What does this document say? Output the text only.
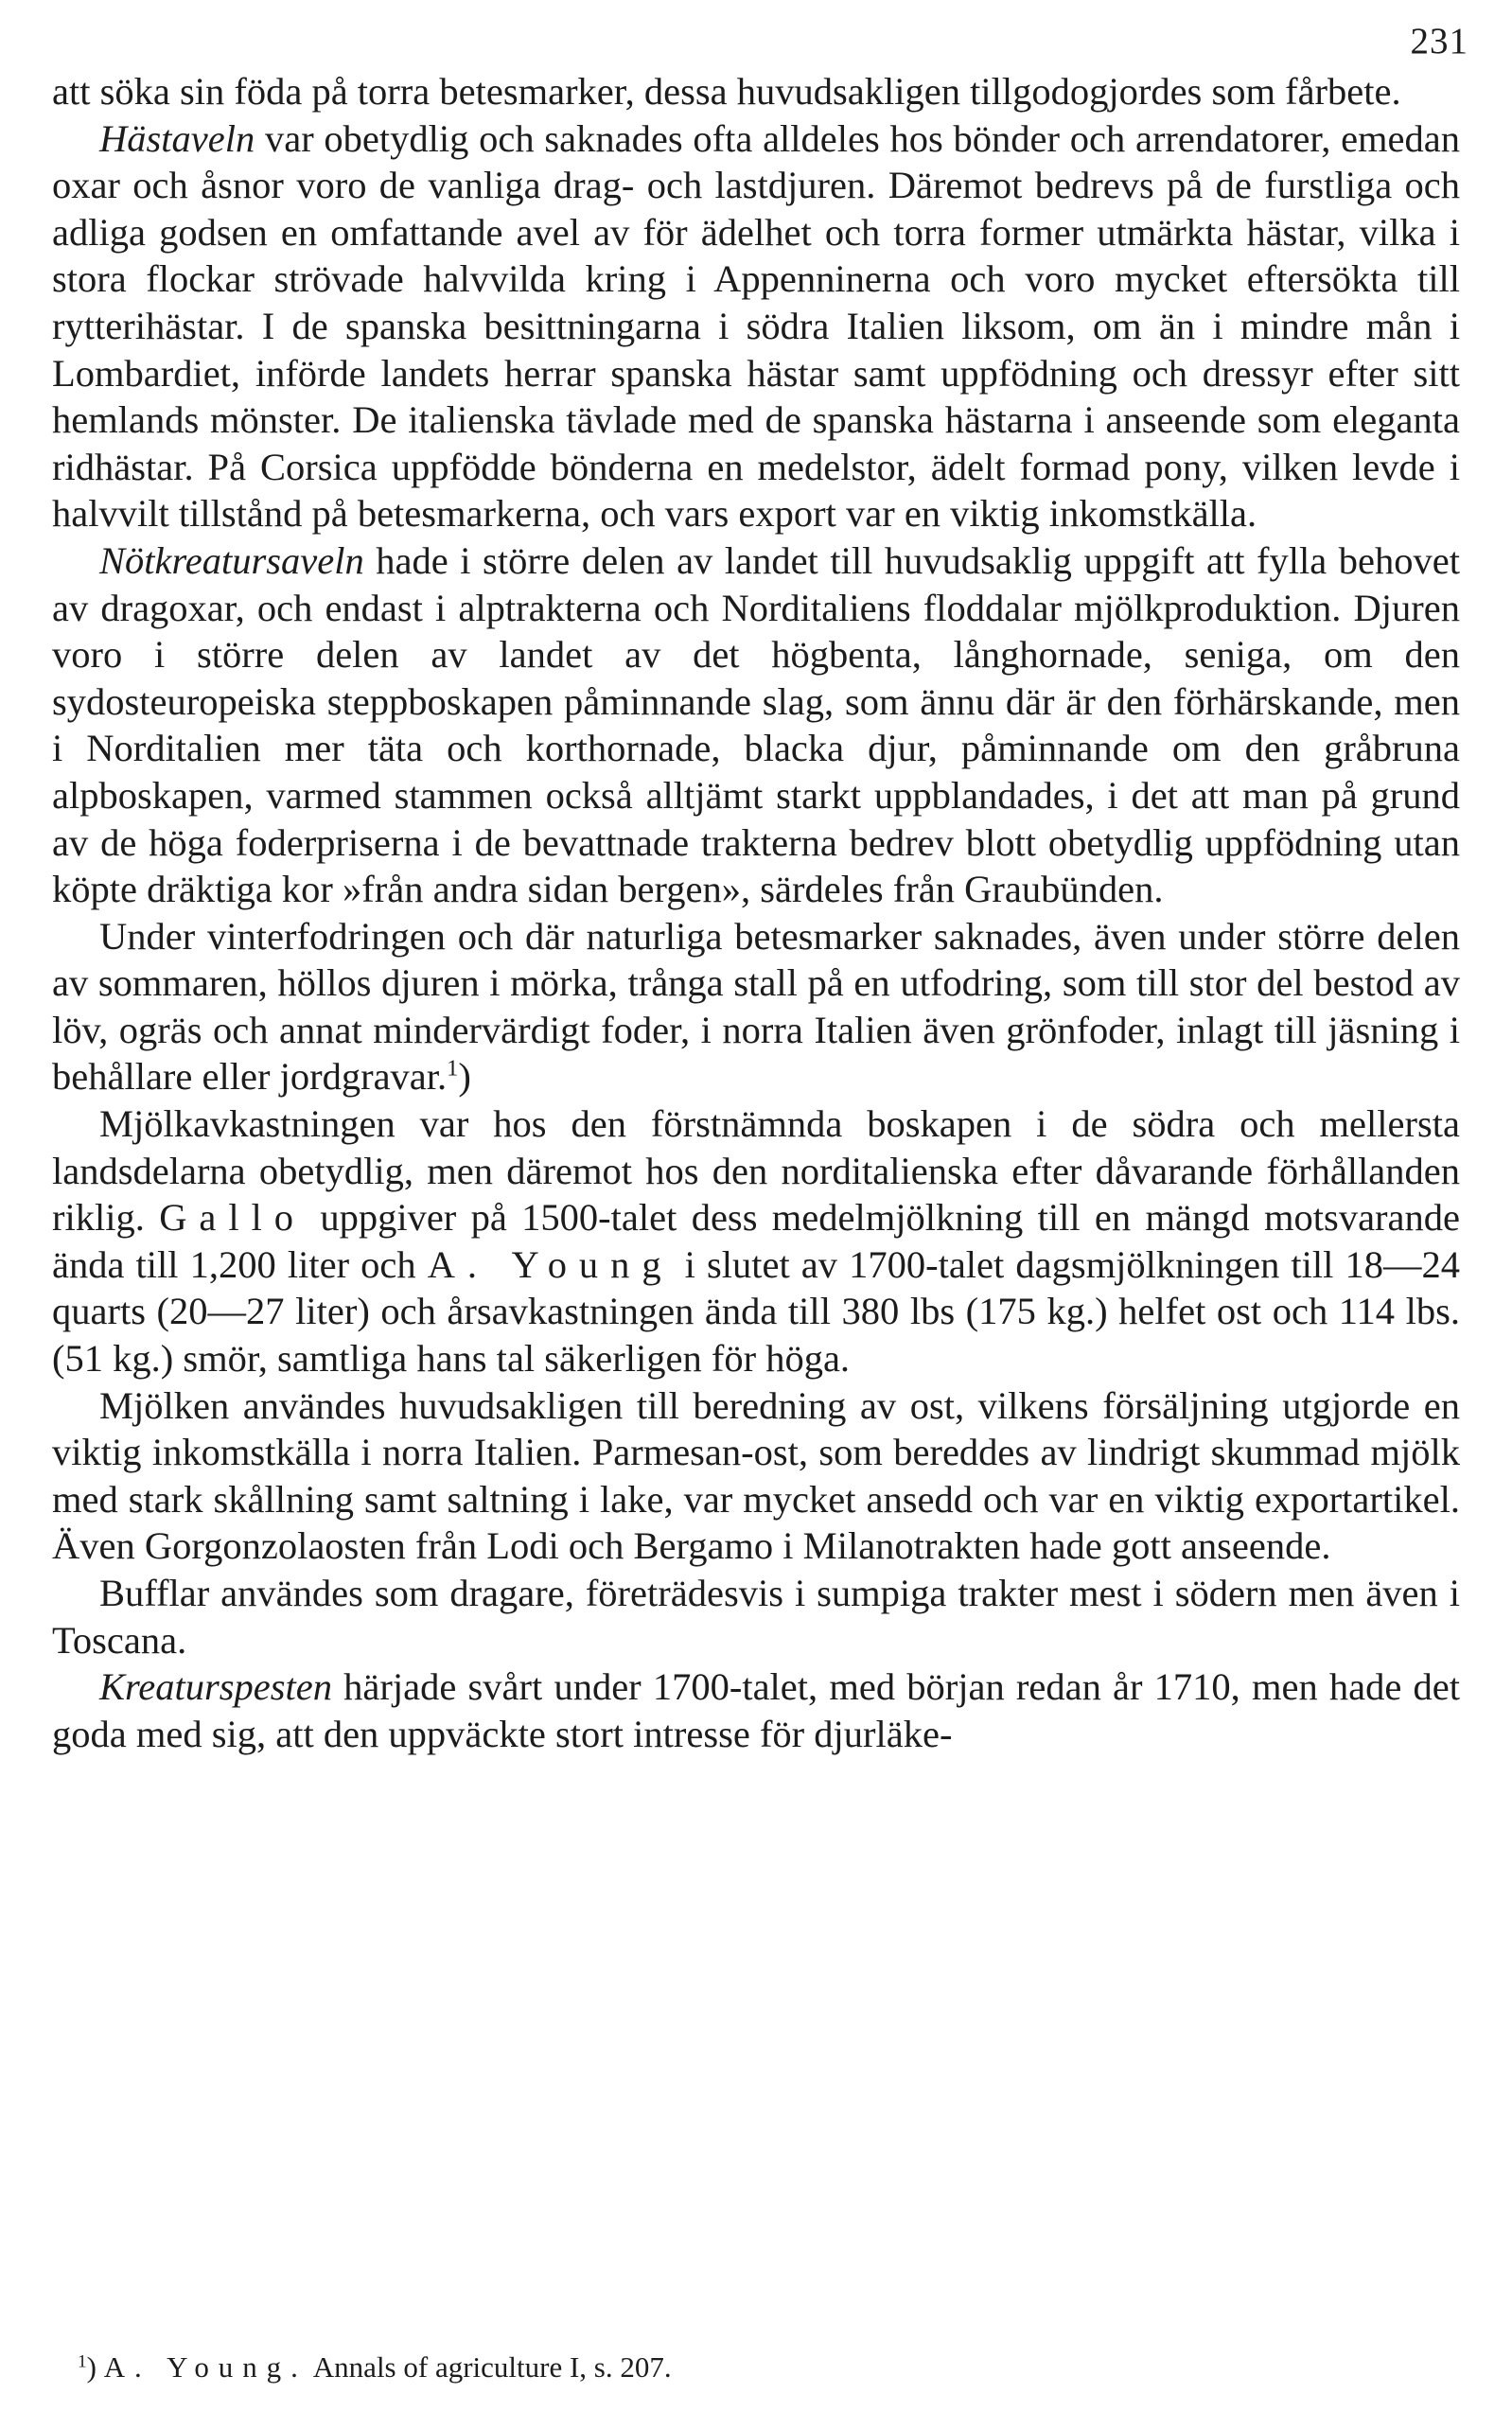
231

att söka sin föda på torra betesmarker, dessa huvudsakligen tillgodogjordes som fårbete.

Hästaveln var obetydlig och saknades ofta alldeles hos bönder och arrendatorer, emedan oxar och åsnor voro de vanliga drag- och lastdjuren. Däremot bedrevs på de furstliga och adliga godsen en omfattande avel av för ädelhet och torra former utmärkta hästar, vilka i stora flockar strövade halvvilda kring i Appenninerna och voro mycket eftersökta till rytterihästar. I de spanska besittningarna i södra Italien liksom, om än i mindre mån i Lombardiet, införde landets herrar spanska hästar samt uppfödning och dressyr efter sitt hemlands mönster. De italienska tävlade med de spanska hästarna i anseende som eleganta ridhästar. På Corsica uppfödde bönderna en medelstor, ädelt formad pony, vilken levde i halvvilt tillstånd på betesmarkerna, och vars export var en viktig inkomstkälla.

Nötkreatursaveln hade i större delen av landet till huvudsaklig uppgift att fylla behovet av dragoxar, och endast i alptrakterna och Norditaliens floddalar mjölkproduktion. Djuren voro i större delen av landet av det högbenta, långhornade, seniga, om den sydosteuropeiska steppboskapen påminnande slag, som ännu där är den förhärskande, men i Norditalien mer täta och korthornade, blacka djur, påminnande om den gråbruna alpboskapen, varmed stammen också alltjämt starkt uppblandades, i det att man på grund av de höga foderpriserna i de bevattnade trakterna bedrev blott obetydlig uppfödning utan köpte dräktiga kor »från andra sidan bergen», särdeles från Graubünden.

Under vinterfodringen och där naturliga betesmarker saknades, även under större delen av sommaren, höllos djuren i mörka, trånga stall på en utfodring, som till stor del bestod av löv, ogräs och annat mindervärdigt foder, i norra Italien även grönfoder, inlagt till jäsning i behållare eller jordgravar.$^1$)

Mjölkavkastningen var hos den förstnämnda boskapen i de södra och mellersta landsdelarna obetydlig, men däremot hos den norditalienska efter dåvarande förhållanden riklig. Gallo uppgiver på 1500-talet dess medelmjölkning till en mängd motsvarande ända till 1,200 liter och A. Young i slutet av 1700-talet dagsmjölkningen till 18—24 quarts (20—27 liter) och årsavkastningen ända till 380 lbs (175 kg.) helfet ost och 114 lbs. (51 kg.) smör, samtliga hans tal säkerligen för höga.

Mjölken användes huvudsakligen till beredning av ost, vilkens försäljning utgjorde en viktig inkomstkälla i norra Italien. Parmesan-ost, som bereddes av lindrigt skummad mjölk med stark skållning samt saltning i lake, var mycket ansedd och var en viktig exportartikel. Även Gorgonzolaosten från Lodi och Bergamo i Milanotrakten hade gott anseende.

Bufflar användes som dragare, företrädesvis i sumpiga trakter mest i södern men även i Toscana.

Kreaturspesten härjade svårt under 1700-talet, med början redan år 1710, men hade det goda med sig, att den uppväckte stort intresse för djurläke-

$^1$) A. Young. Annals of agriculture I, s. 207.
